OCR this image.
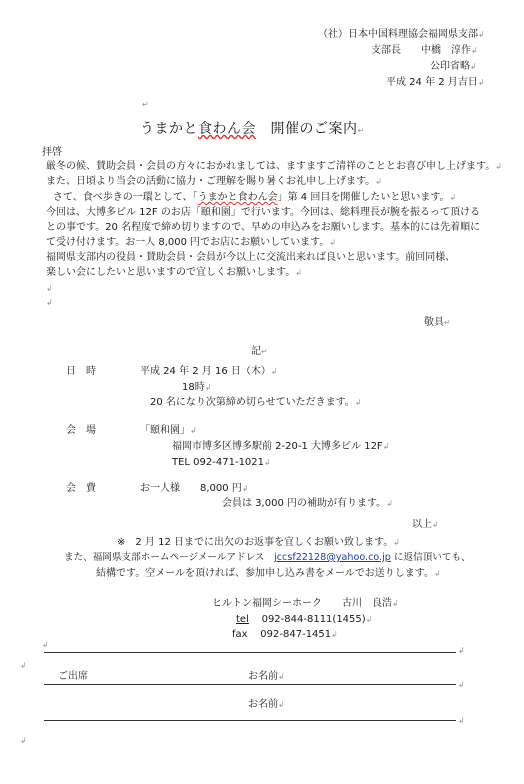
（社）日本中国料理協会福岡県支部↲
支部長　　中橋　淳作↲
公印省略↲
平成 24 年 2 月吉日↲
↵
うまかと食わん会　開催のご案内↵
拝啓
厳冬の候、賛助会員・会員の方々におかれましては、ますますご清祥のこととお喜び申し上げます。↲
また、日頃より当会の活動に協力・ご理解を賜り暑くお礼申し上げます。↲
さて、食べ歩きの一環として、「うまかと食わん会」第 4 回目を開催したいと思います。↲
今回は、大博多ビル 12F のお店「頤和園」で行います。今回は、総料理長が腕を振るって頂ける
との事です。20 名程度で締め切りますので、早めの申込みをお願いします。基本的には先着順に
て受け付けます。お一人 8,000 円でお店にお願いしています。↲
福岡県支部内の役員・賛助会員・会員が今以上に交流出来れば良いと思います。前回同様、
楽しい会にしたいと思いますので宜しくお願いします。↲
↲
↲
敬具↵
記↵
日　時	平成 24 年 2 月 16 日（木）↲
18時↲
20 名になり次第締め切らせていただきます。↲
会　場	「頤和園」↲
福岡市博多区博多駅前 2-20-1 大博多ビル 12F↲
TEL 092-471-1021↲
会　費	お一人様　　8,000 円↲
会員は 3,000 円の補助が有ります。↲
以上↲
※　2 月 12 日までに出欠のお返事を宜しくお願い致します。↲
また、福岡県支部ホームページメールアドレス　jccsf22128@yahoo.co.jp に返信頂いても、
結構です。空メールを頂ければ、参加申し込み書をメールでお送りします。↲
ヒルトン福岡シーホーク　　古川　良浩↲
tel 092-844-8111(1455)↲
fax 092-847-1451↲
↲
↲
↲
ご出席	お名前↲
↲
お名前↲
↲
↲
